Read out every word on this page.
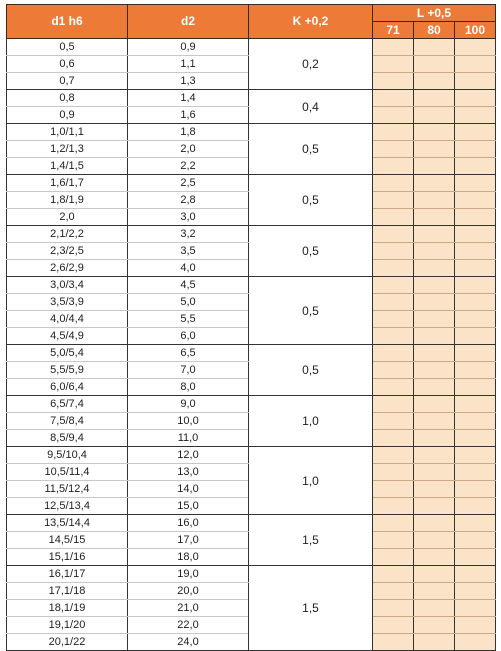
d1 h6	d2	K +0,2	L +0,5		
			71	80	100
0,5	0,9	0,2			
0,6	1,1				
0,7	1,3				
0,8	1,4	0,4			
0,9	1,6				
1,0/1,1	1,8	0,5			
1,2/1,3	2,0				
1,4/1,5	2,2				
1,6/1,7	2,5	0,5			
1,8/1,9	2,8				
2,0	3,0				
2,1/2,2	3,2	0,5			
2,3/2,5	3,5				
2,6/2,9	4,0				
3,0/3,4	4,5	0,5			
3,5/3,9	5,0				
4,0/4,4	5,5				
4,5/4,9	6,0				
5,0/5,4	6,5	0,5			
5,5/5,9	7,0				
6,0/6,4	8,0				
6,5/7,4	9,0	1,0			
7,5/8,4	10,0				
8,5/9,4	11,0				
9,5/10,4	12,0	1,0			
10,5/11,4	13,0				
11,5/12,4	14,0				
12,5/13,4	15,0				
13,5/14,4	16,0	1,5			
14,5/15	17,0				
15,1/16	18,0				
16,1/17	19,0	1,5			
17,1/18	20,0				
18,1/19	21,0				
19,1/20	22,0				
20,1/22	24,0				
